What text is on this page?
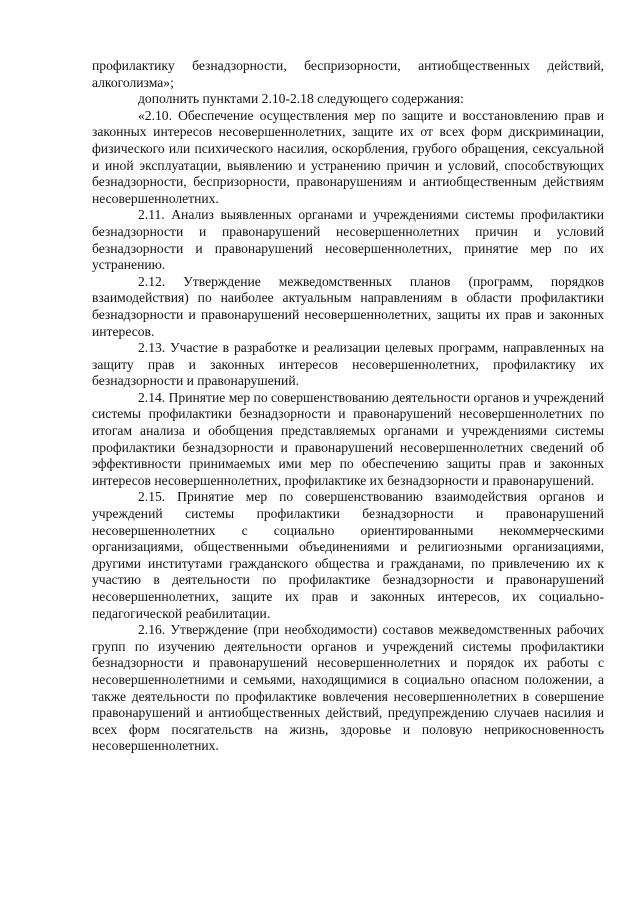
профилактику безнадзорности, беспризорности, антиобщественных действий, алкоголизма»;

дополнить пунктами 2.10-2.18 следующего содержания:

«2.10. Обеспечение осуществления мер по защите и восстановлению прав и законных интересов несовершеннолетних, защите их от всех форм дискриминации, физического или психического насилия, оскорбления, грубого обращения, сексуальной и иной эксплуатации, выявлению и устранению причин и условий, способствующих безнадзорности, беспризорности, правонарушениям и антиобщественным действиям несовершеннолетних.

2.11. Анализ выявленных органами и учреждениями системы профилактики безнадзорности и правонарушений несовершеннолетних причин и условий безнадзорности и правонарушений несовершеннолетних, принятие мер по их устранению.

2.12. Утверждение межведомственных планов (программ, порядков взаимодействия) по наиболее актуальным направлениям в области профилактики безнадзорности и правонарушений несовершеннолетних, защиты их прав и законных интересов.

2.13. Участие в разработке и реализации целевых программ, направленных на защиту прав и законных интересов несовершеннолетних, профилактику их безнадзорности и правонарушений.

2.14. Принятие мер по совершенствованию деятельности органов и учреждений системы профилактики безнадзорности и правонарушений несовершеннолетних по итогам анализа и обобщения представляемых органами и учреждениями системы профилактики безнадзорности и правонарушений несовершеннолетних сведений об эффективности принимаемых ими мер по обеспечению защиты прав и законных интересов несовершеннолетних, профилактике их безнадзорности и правонарушений.

2.15. Принятие мер по совершенствованию взаимодействия органов и учреждений системы профилактики безнадзорности и правонарушений несовершеннолетних с социально ориентированными некоммерческими организациями, общественными объединениями и религиозными организациями, другими институтами гражданского общества и гражданами, по привлечению их к участию в деятельности по профилактике безнадзорности и правонарушений несовершеннолетних, защите их прав и законных интересов, их социально-педагогической реабилитации.

2.16. Утверждение (при необходимости) составов межведомственных рабочих групп по изучению деятельности органов и учреждений системы профилактики безнадзорности и правонарушений несовершеннолетних и порядок их работы с несовершеннолетними и семьями, находящимися в социально опасном положении, а также деятельности по профилактике вовлечения несовершеннолетних в совершение правонарушений и антиобщественных действий, предупреждению случаев насилия и всех форм посягательств на жизнь, здоровье и половую неприкосновенность несовершеннолетних.
